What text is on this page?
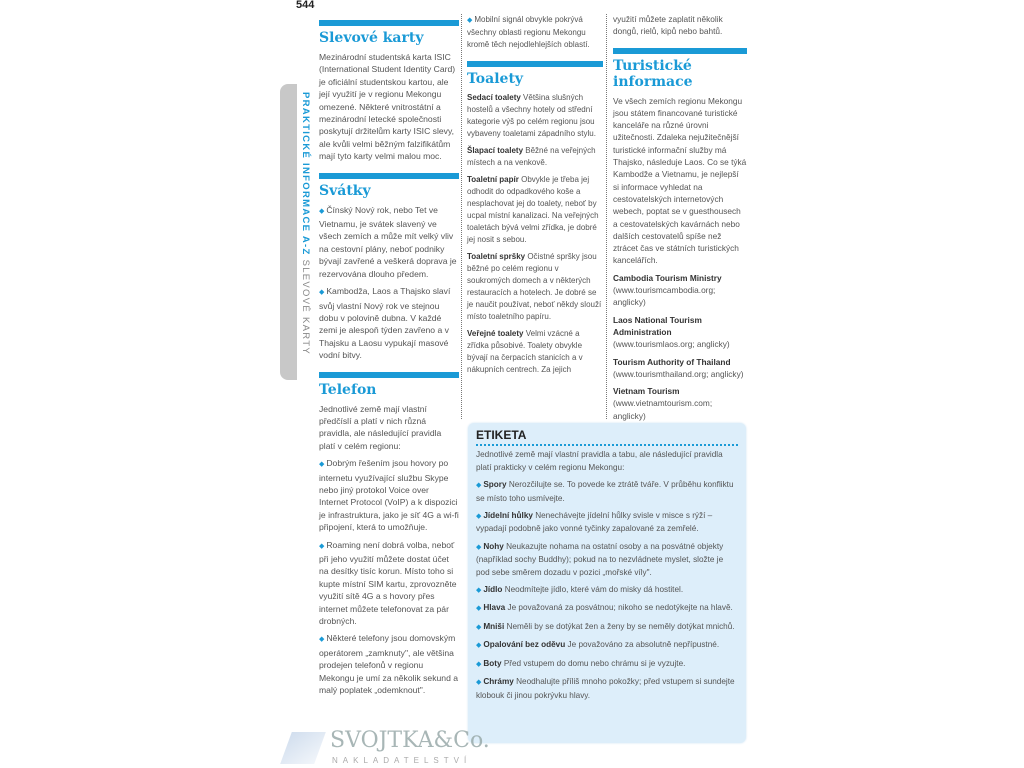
544
PRAKTICKÉ INFORMACE A-Z SLEVOVÉ KARTY
Slevové karty

Mezinárodní studentská karta ISIC (International Student Identity Card) je oficiální studentskou kartou, ale její využití je v regionu Mekongu omezené. Některé vnitrostátní a mezinárodní letecké společnosti poskytují držitelům karty ISIC slevy, ale kvůli velmi běžným falzifikátům mají tyto karty velmi malou moc.

Svátky

◆ Čínský Nový rok, nebo Tet ve Vietnamu, je svátek slavený ve všech zemích a může mít velký vliv na cestovní plány, neboť podniky bývají zavřené a veškerá doprava je rezervována dlouho předem.

◆ Kambodža, Laos a Thajsko slaví svůj vlastní Nový rok ve stejnou dobu v polovině dubna. V každé zemi je alespoň týden zavřeno a v Thajsku a Laosu vypukají masové vodní bitvy.

Telefon

Jednotlivé země mají vlastní předčíslí a platí v nich různá pravidla, ale následující pravidla platí v celém regionu:

◆ Dobrým řešením jsou hovory po internetu využívající službu Skype nebo jiný protokol Voice over Internet Protocol (VoIP) a k dispozici je infrastruktura, jako je síť 4G a wi-fi připojení, která to umožňuje.

◆ Roaming není dobrá volba, neboť při jeho využití můžete dostat účet na desítky tisíc korun. Místo toho si kupte místní SIM kartu, zprovozněte využití sítě 4G a s hovory přes internet můžete telefonovat za pár drobných.

◆ Některé telefony jsou domovským operátorem „zamknuty", ale většina prodejen telefonů v regionu Mekongu je umí za několik sekund a malý poplatek „odemknout".

◆ Mobilní signál obvykle pokrývá všechny oblasti regionu Mekongu kromě těch nejodlehlejších oblastí.

Toalety

Sedací toalety Většina slušných hostelů a všechny hotely od střední kategorie výš po celém regionu jsou vybaveny toaletami západního stylu.

Šlapací toalety Běžné na veřejných místech a na venkově.

Toaletní papír Obvykle je třeba jej odhodit do odpadkového koše a nesplachovat jej do toalety, neboť by ucpal místní kanalizaci. Na veřejných toaletách bývá velmi zřídka, je dobré jej nosit s sebou.

Toaletní spršky Očistné spršky jsou běžné po celém regionu v soukromých domech a v některých restauracích a hotelech. Je dobré se je naučit používat, neboť někdy slouží místo toaletního papíru.

Veřejné toalety Velmi vzácné a zřídka působivé. Toalety obvykle bývají na čerpacích stanicích a v nákupních centrech. Za jejich

využití můžete zaplatit několik dongů, rielů, kipů nebo bahtů.

Turistické informace

Ve všech zemích regionu Mekongu jsou státem financované turistické kanceláře na různé úrovni užitečnosti. Zdaleka nejužitečnější turistické informační služby má Thajsko, následuje Laos. Co se týká Kambodže a Vietnamu, je nejlepší si informace vyhledat na cestovatelských internetových webech, poptat se v guesthousech a cestovatelských kavárnách nebo dalších cestovatelů spíše než ztrácet čas ve státních turistických kancelářích.

Cambodia Tourism Ministry (www.tourismcambodia.org; anglicky)

Laos National Tourism Administration (www.tourismlaos.org; anglicky)

Tourism Authority of Thailand (www.tourismthailand.org; anglicky)

Vietnam Tourism (www.vietnamtourism.com; anglicky)

ETIKETA

Jednotlivé země mají vlastní pravidla a tabu, ale následující pravidla platí prakticky v celém regionu Mekongu:

◆ Spory Nerozčilujte se. To povede ke ztrátě tváře. V průběhu konfliktu se místo toho usmívejte.

◆ Jídelní hůlky Nenechávejte jídelní hůlky svisle v misce s rýží – vypadají podobně jako vonné tyčinky zapalované za zemřelé.

◆ Nohy Neukazujte nohama na ostatní osoby a na posvátné objekty (například sochy Buddhy); pokud na to nezvládnete myslet, složte je pod sebe směrem dozadu v pozici „mořské víly".

◆ Jídlo Neodmítejte jídlo, které vám do misky dá hostitel.

◆ Hlava Je považovaná za posvátnou; nikoho se nedotýkejte na hlavě.

◆ Mniši Neměli by se dotýkat žen a ženy by se neměly dotýkat mnichů.

◆ Opalování bez oděvu Je považováno za absolutně nepřípustné.

◆ Boty Před vstupem do domu nebo chrámu si je vyzujte.

◆ Chrámy Neodhalujte příliš mnoho pokožky; před vstupem si sundejte klobouk či jinou pokrývku hlavy.

SVOJTKA&Co.
NAKLADATELSTVÍ
